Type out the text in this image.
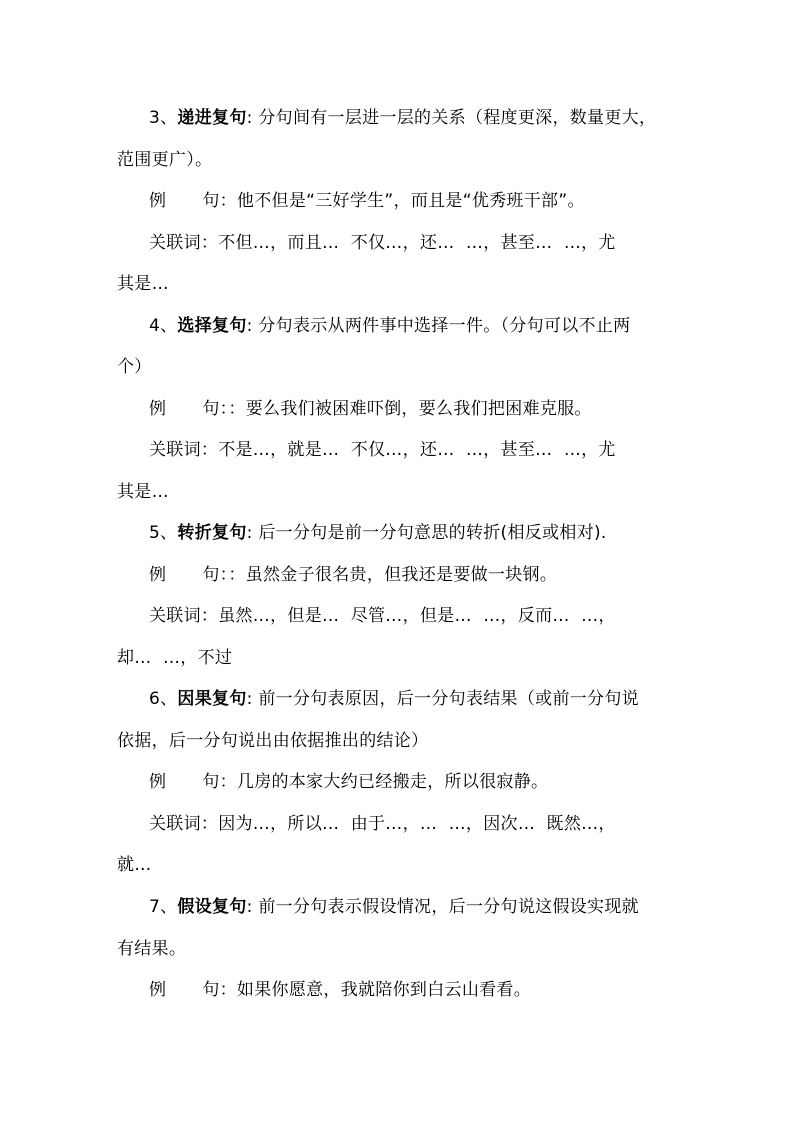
3、递进复句: 分句间有一层进一层的关系（程度更深，数量更大，
范围更广）。
例 句：他不但是“三好学生”，而且是“优秀班干部”。
关联词：不但…，而且…  不仅…，还…  …，甚至…  …，尤
其是…
4、选择复句: 分句表示从两件事中选择一件。（分句可以不止两
个）
例 句：：要么我们被困难吓倒，要么我们把困难克服。
关联词：不是…，就是…  不仅…，还…  …，甚至…  …，尤
其是…
5、转折复句: 后一分句是前一分句意思的转折(相反或相对).
例 句：：虽然金子很名贵，但我还是要做一块钢。
关联词：虽然…，但是…  尽管…，但是…  …，反而…  …，
却…  …，不过
6、因果复句: 前一分句表原因，后一分句表结果（或前一分句说
依据，后一分句说出由依据推出的结论）
例 句：几房的本家大约已经搬走，所以很寂静。
关联词：因为…，所以…  由于…，…  …，因次…  既然…，
就…
7、假设复句: 前一分句表示假设情况，后一分句说这假设实现就
有结果。
例 句：如果你愿意，我就陪你到白云山看看。
